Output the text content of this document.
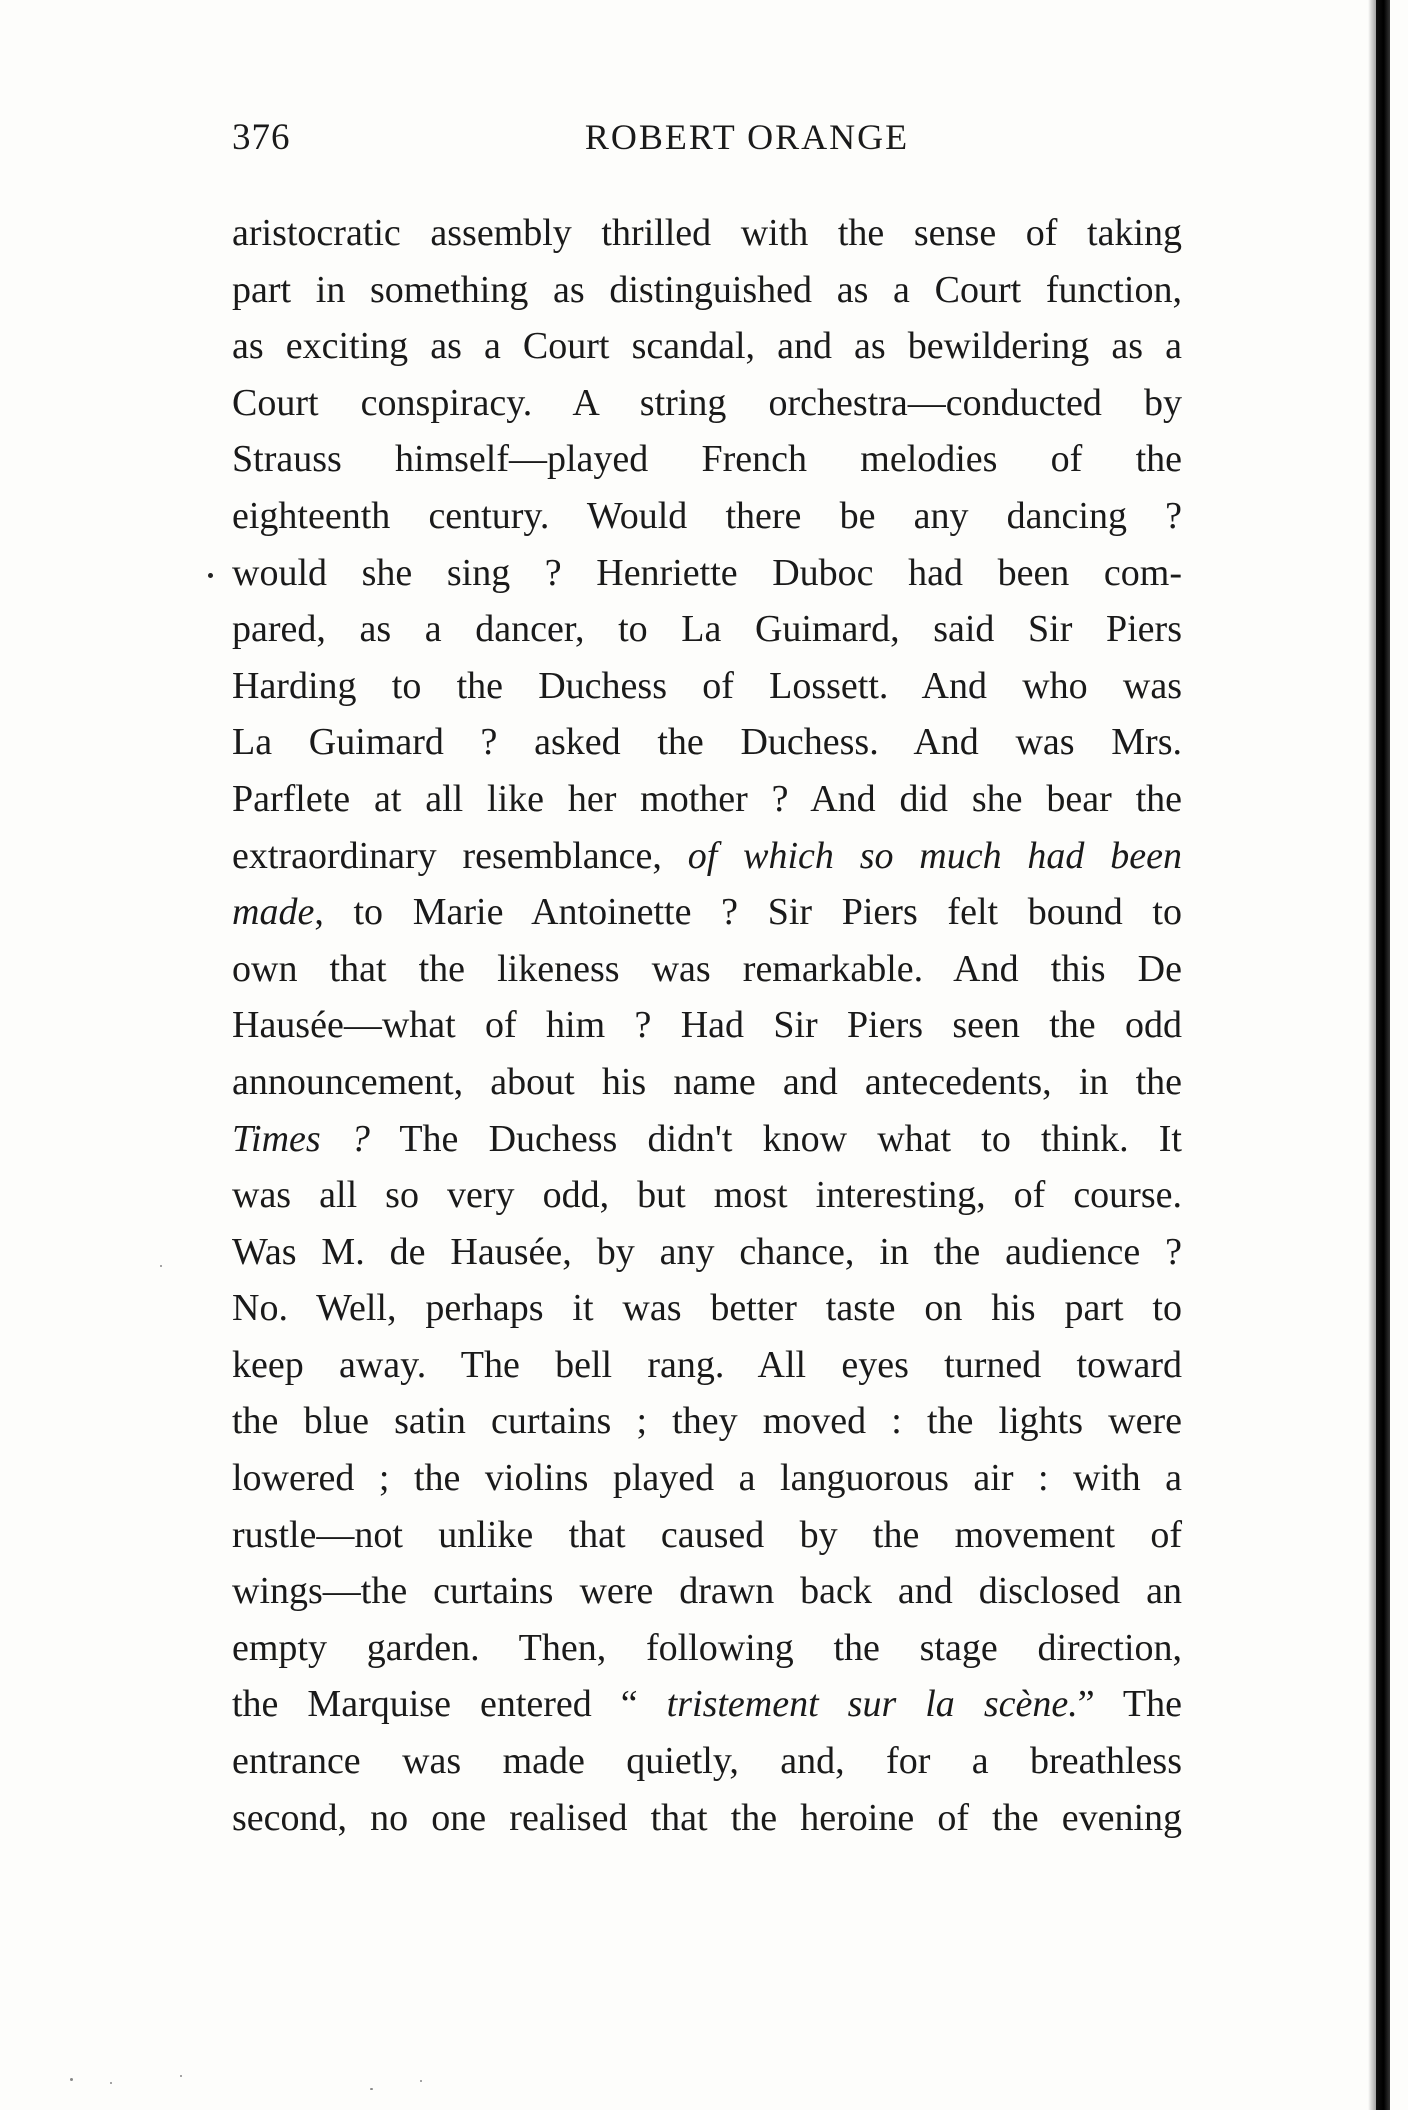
376	ROBERT ORANGE
aristocratic assembly thrilled with the sense of taking
part in something as distinguished as a Court function,
as exciting as a Court scandal, and as bewildering as a
Court conspiracy. A string orchestra—conducted by
Strauss himself—played French melodies of the
eighteenth century. Would there be any dancing ?
would she sing ? Henriette Duboc had been com-
pared, as a dancer, to La Guimard, said Sir Piers
Harding to the Duchess of Lossett. And who was
La Guimard ? asked the Duchess. And was Mrs.
Parflete at all like her mother ? And did she bear the
extraordinary resemblance, of which so much had been
made, to Marie Antoinette ? Sir Piers felt bound to
own that the likeness was remarkable. And this De
Hausée—what of him ? Had Sir Piers seen the odd
announcement, about his name and antecedents, in the
Times ? The Duchess didn't know what to think. It
was all so very odd, but most interesting, of course.
Was M. de Hausée, by any chance, in the audience ?
No. Well, perhaps it was better taste on his part to
keep away. The bell rang. All eyes turned toward
the blue satin curtains ; they moved : the lights were
lowered ; the violins played a languorous air : with a
rustle—not unlike that caused by the movement of
wings—the curtains were drawn back and disclosed an
empty garden. Then, following the stage direction,
the Marquise entered “ tristement sur la scène.” The
entrance was made quietly, and, for a breathless
second, no one realised that the heroine of the evening
